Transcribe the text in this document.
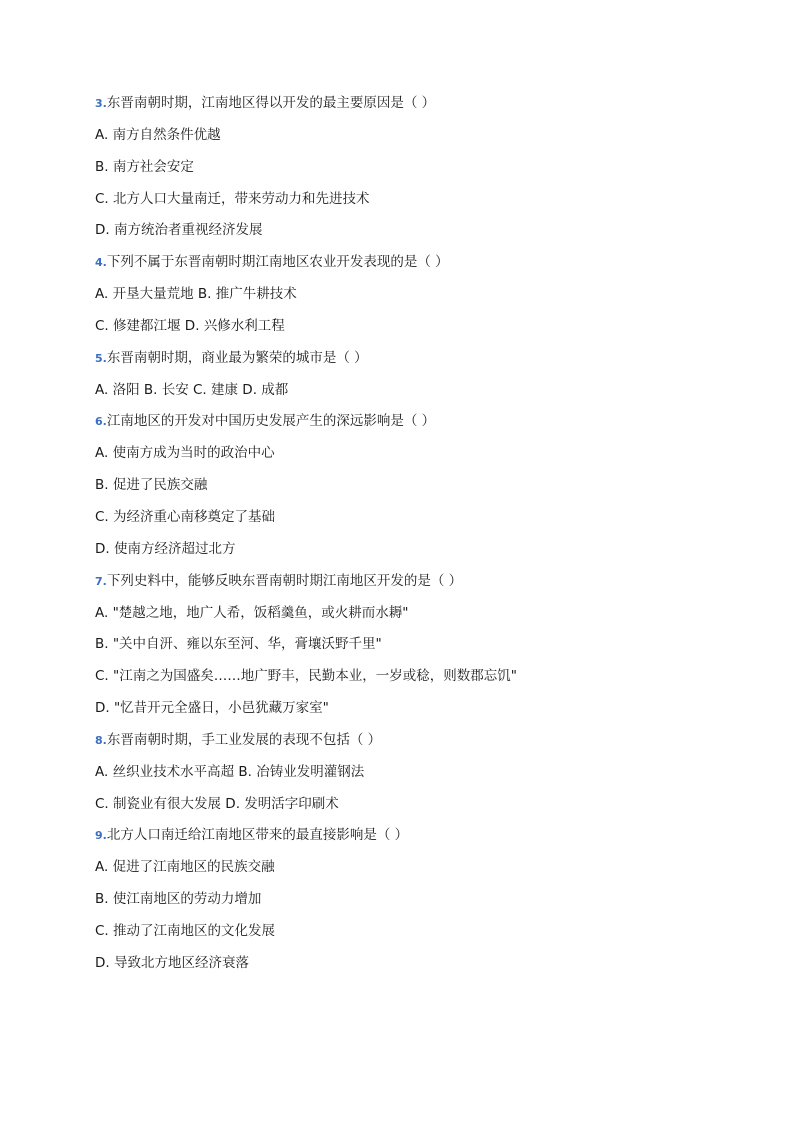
3.东晋南朝时期，江南地区得以开发的最主要原因是（ ）
A. 南方自然条件优越
B. 南方社会安定
C. 北方人口大量南迁，带来劳动力和先进技术
D. 南方统治者重视经济发展
4.下列不属于东晋南朝时期江南地区农业开发表现的是（ ）
A. 开垦大量荒地 B. 推广牛耕技术
C. 修建都江堰 D. 兴修水利工程
5.东晋南朝时期，商业最为繁荣的城市是（ ）
A. 洛阳 B. 长安 C. 建康 D. 成都
6.江南地区的开发对中国历史发展产生的深远影响是（ ）
A. 使南方成为当时的政治中心
B. 促进了民族交融
C. 为经济重心南移奠定了基础
D. 使南方经济超过北方
7.下列史料中，能够反映东晋南朝时期江南地区开发的是（ ）
A. "楚越之地，地广人希，饭稻羹鱼，或火耕而水耨"
B. "关中自汧、雍以东至河、华，膏壤沃野千里"
C. "江南之为国盛矣……地广野丰，民勤本业，一岁或稔，则数郡忘饥"
D. "忆昔开元全盛日，小邑犹藏万家室"
8.东晋南朝时期，手工业发展的表现不包括（ ）
A. 丝织业技术水平高超 B. 冶铸业发明灌钢法
C. 制瓷业有很大发展 D. 发明活字印刷术
9.北方人口南迁给江南地区带来的最直接影响是（ ）
A. 促进了江南地区的民族交融
B. 使江南地区的劳动力增加
C. 推动了江南地区的文化发展
D. 导致北方地区经济衰落
